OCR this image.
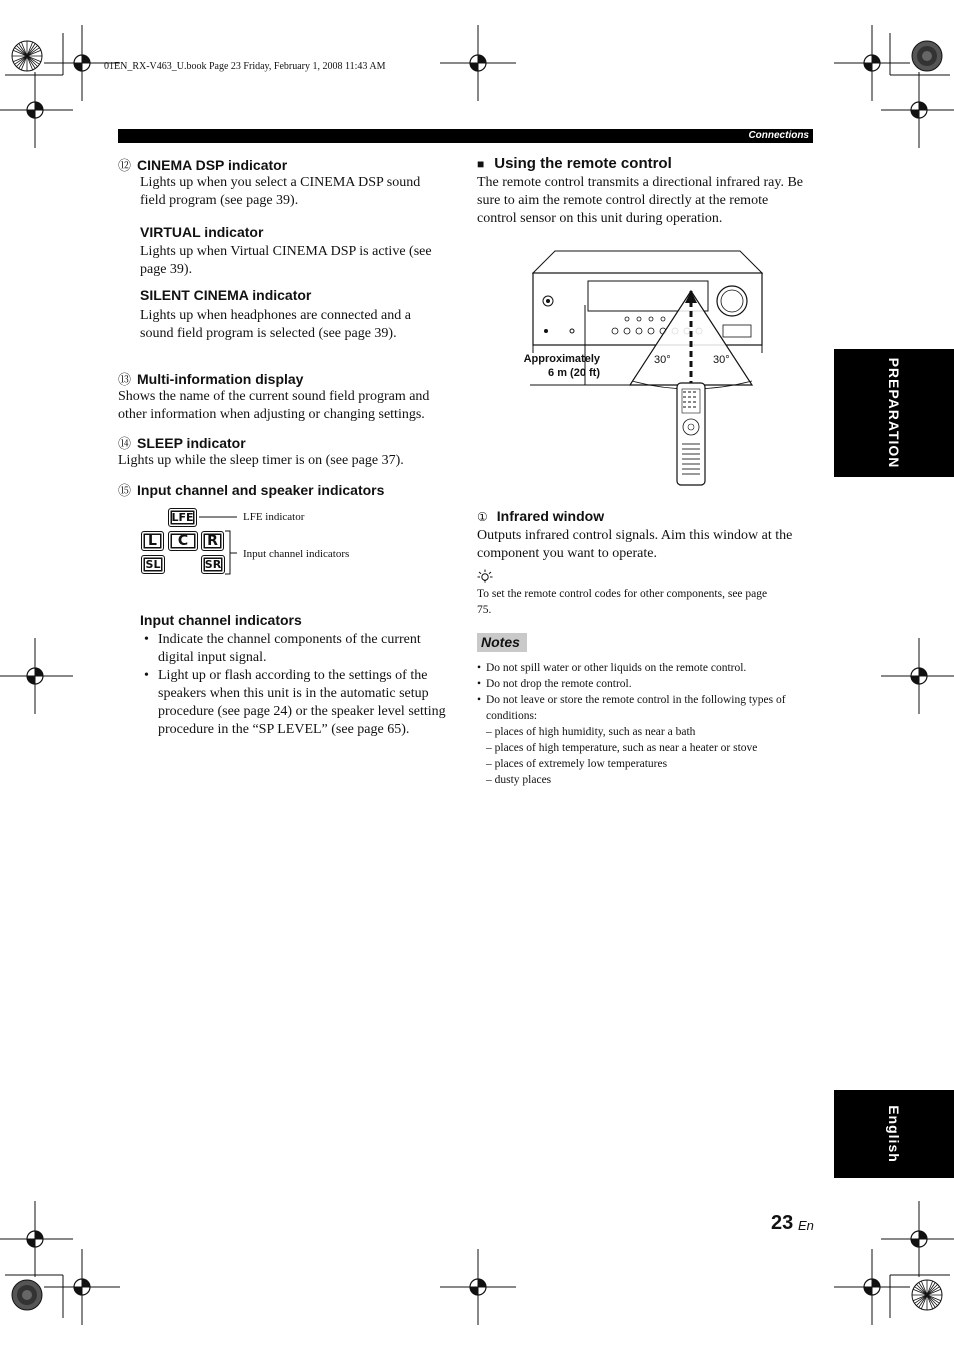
01EN_RX-V463_U.book Page 23 Friday, February 1, 2008 11:43 AM
Connections
PREPARATION
English
⑫ CINEMA DSP indicator
Lights up when you select a CINEMA DSP sound field program (see page 39).
VIRTUAL indicator
Lights up when Virtual CINEMA DSP is active (see page 39).
SILENT CINEMA indicator
Lights up when headphones are connected and a sound field program is selected (see page 39).
⑬ Multi-information display
Shows the name of the current sound field program and other information when adjusting or changing settings.
⑭ SLEEP indicator
Lights up while the sleep timer is on (see page 37).
⑮ Input channel and speaker indicators
LFE
L	C	R
SL	SR
LFE indicator
Input channel indicators
Input channel indicators
• Indicate the channel components of the current digital input signal.
• Light up or flash according to the settings of the speakers when this unit is in the automatic setup procedure (see page 24) or the speaker level setting procedure in the “SP LEVEL” (see page 65).
■ Using the remote control
The remote control transmits a directional infrared ray. Be sure to aim the remote control directly at the remote control sensor on this unit during operation.
Approximately
6 m (20 ft)
30°	30°
① Infrared window
Outputs infrared control signals. Aim this window at the component you want to operate.
To set the remote control codes for other components, see page 75.
Notes
• Do not spill water or other liquids on the remote control.
• Do not drop the remote control.
• Do not leave or store the remote control in the following types of conditions:
– places of high humidity, such as near a bath
– places of high temperature, such as near a heater or stove
– places of extremely low temperatures
– dusty places
23 En
